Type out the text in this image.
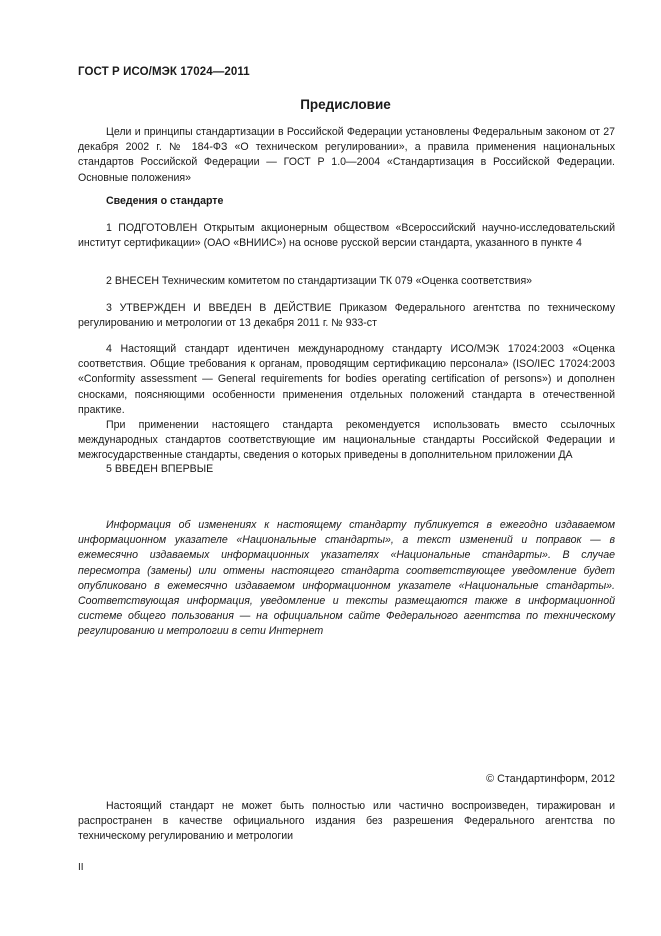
ГОСТ Р ИСО/МЭК 17024—2011
Предисловие

Цели и принципы стандартизации в Российской Федерации установлены Федеральным законом от 27 декабря 2002 г. № 184-ФЗ «О техническом регулировании», а правила применения национальных стандартов Российской Федерации — ГОСТ Р 1.0—2004 «Стандартизация в Российской Федерации. Основные положения»

Сведения о стандарте

1 ПОДГОТОВЛЕН Открытым акционерным обществом «Всероссийский научно-исследовательский институт сертификации» (ОАО «ВНИИС») на основе русской версии стандарта, указанного в пункте 4

2 ВНЕСЕН Техническим комитетом по стандартизации ТК 079 «Оценка соответствия»

3 УТВЕРЖДЕН И ВВЕДЕН В ДЕЙСТВИЕ Приказом Федерального агентства по техническому регулированию и метрологии от 13 декабря 2011 г. № 933-ст

4 Настоящий стандарт идентичен международному стандарту ИСО/МЭК 17024:2003 «Оценка соответствия. Общие требования к органам, проводящим сертификацию персонала» (ISO/IEC 17024:2003 «Conformity assessment — General requirements for bodies operating certification of persons») и дополнен сносками, поясняющими особенности применения отдельных положений стандарта в отечественной практике.

При применении настоящего стандарта рекомендуется использовать вместо ссылочных международных стандартов соответствующие им национальные стандарты Российской Федерации и межгосударственные стандарты, сведения о которых приведены в дополнительном приложении ДА

5 ВВЕДЕН ВПЕРВЫЕ

Информация об изменениях к настоящему стандарту публикуется в ежегодно издаваемом информационном указателе «Национальные стандарты», а текст изменений и поправок — в ежемесячно издаваемых информационных указателях «Национальные стандарты». В случае пересмотра (замены) или отмены настоящего стандарта соответствующее уведомление будет опубликовано в ежемесячно издаваемом информационном указателе «Национальные стандарты». Соответствующая информация, уведомление и тексты размещаются также в информационной системе общего пользования — на официальном сайте Федерального агентства по техническому регулированию и метрологии в сети Интернет

© Стандартинформ, 2012

Настоящий стандарт не может быть полностью или частично воспроизведен, тиражирован и распространен в качестве официального издания без разрешения Федерального агентства по техническому регулированию и метрологии

II
